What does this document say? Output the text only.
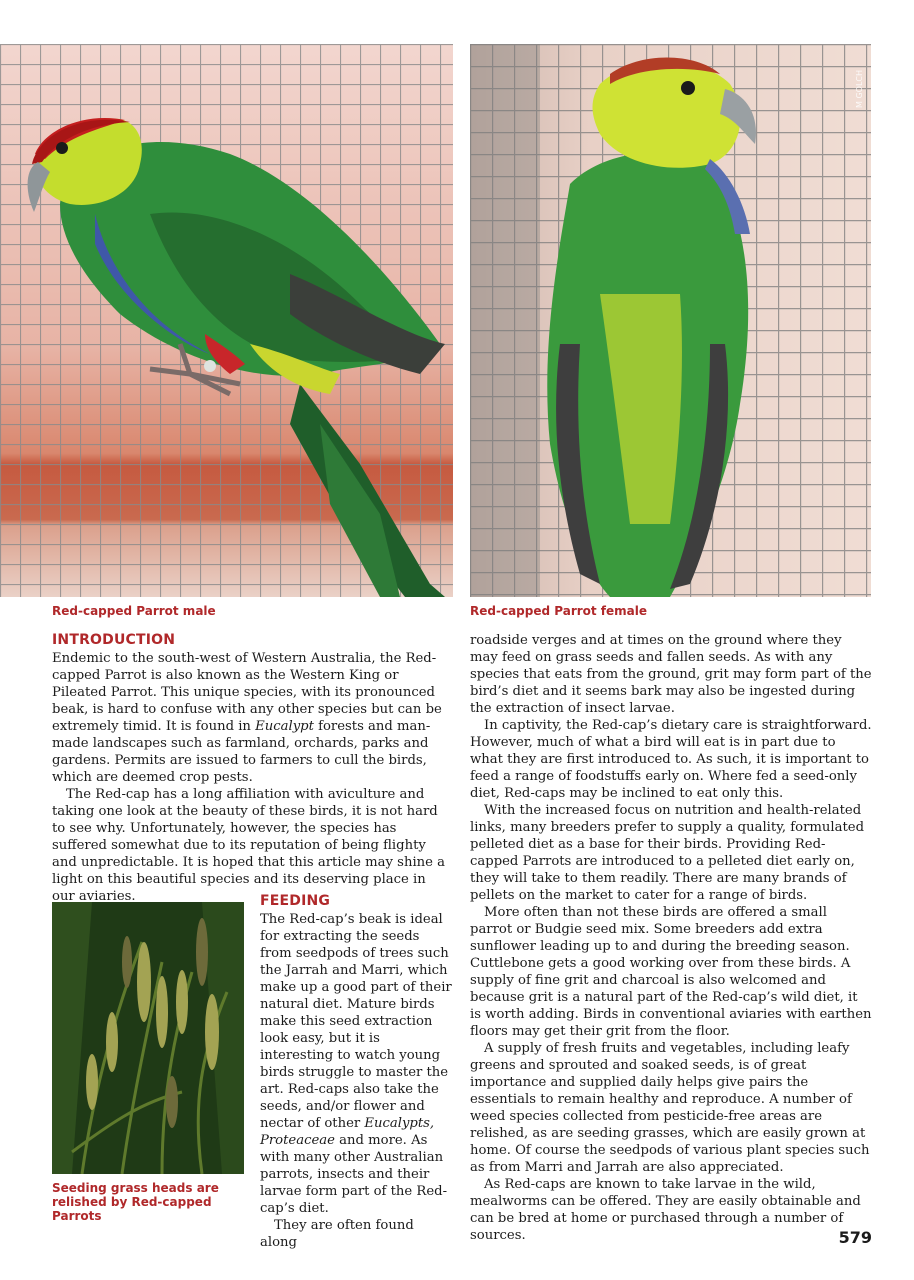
Red-capped Parrot male
M GOLCH
Red-capped Parrot female
Seeding grass heads are relished by Red-capped Parrots
INTRODUCTION

Endemic to the south-west of Western Australia, the Red-capped Parrot is also known as the Western King or Pileated Parrot. This unique species, with its pronounced beak, is hard to confuse with any other species but can be extremely timid. It is found in Eucalypt forests and man-made landscapes such as farmland, orchards, parks and gardens. Permits are issued to farmers to cull the birds, which are deemed crop pests.

The Red-cap has a long affiliation with aviculture and taking one look at the beauty of these birds, it is not hard to see why. Unfortunately, however, the species has suffered somewhat due to its reputation of being flighty and unpredictable. It is hoped that this article may shine a light on this beautiful species and its deserving place in our aviaries.	FEEDING

The Red-cap’s beak is ideal for extracting the seeds from seedpods of trees such the Jarrah and Marri, which make up a good part of their natural diet. Mature birds make this seed extraction look easy, but it is interesting to watch young birds struggle to master the art. Red-caps also take the seeds, and/or flower and nectar of other Eucalypts, Proteaceae and more. As with many other Australian parrots, insects and their larvae form part of the Red-cap’s diet.

They are often found along

roadside verges and at times on the ground where they may feed on grass seeds and fallen seeds. As with any species that eats from the ground, grit may form part of the bird’s diet and it seems bark may also be ingested during the extraction of insect larvae.

In captivity, the Red-cap’s dietary care is straightforward. However, much of what a bird will eat is in part due to what they are first introduced to. As such, it is important to feed a range of foodstuffs early on. Where fed a seed-only diet, Red-caps may be inclined to eat only this.

With the increased focus on nutrition and health-related links, many breeders prefer to supply a quality, formulated pelleted diet as a base for their birds. Providing Red-capped Parrots are introduced to a pelleted diet early on, they will take to them readily. There are many brands of pellets on the market to cater for a range of birds.

More often than not these birds are offered a small parrot or Budgie seed mix. Some breeders add extra sunflower leading up to and during the breeding season. Cuttlebone gets a good working over from these birds. A supply of fine grit and charcoal is also welcomed and because grit is a natural part of the Red-cap’s wild diet, it is worth adding. Birds in conventional aviaries with earthen floors may get their grit from the floor.

A supply of fresh fruits and vegetables, including leafy greens and sprouted and soaked seeds, is of great importance and supplied daily helps give pairs the essentials to remain healthy and reproduce. A number of weed species collected from pesticide-free areas are relished, as are seeding grasses, which are easily grown at home. Of course the seedpods of various plant species such as from Marri and Jarrah are also appreciated.

As Red-caps are known to take larvae in the wild, mealworms can be offered. They are easily obtainable and can be bred at home or purchased through a number of sources.	579
